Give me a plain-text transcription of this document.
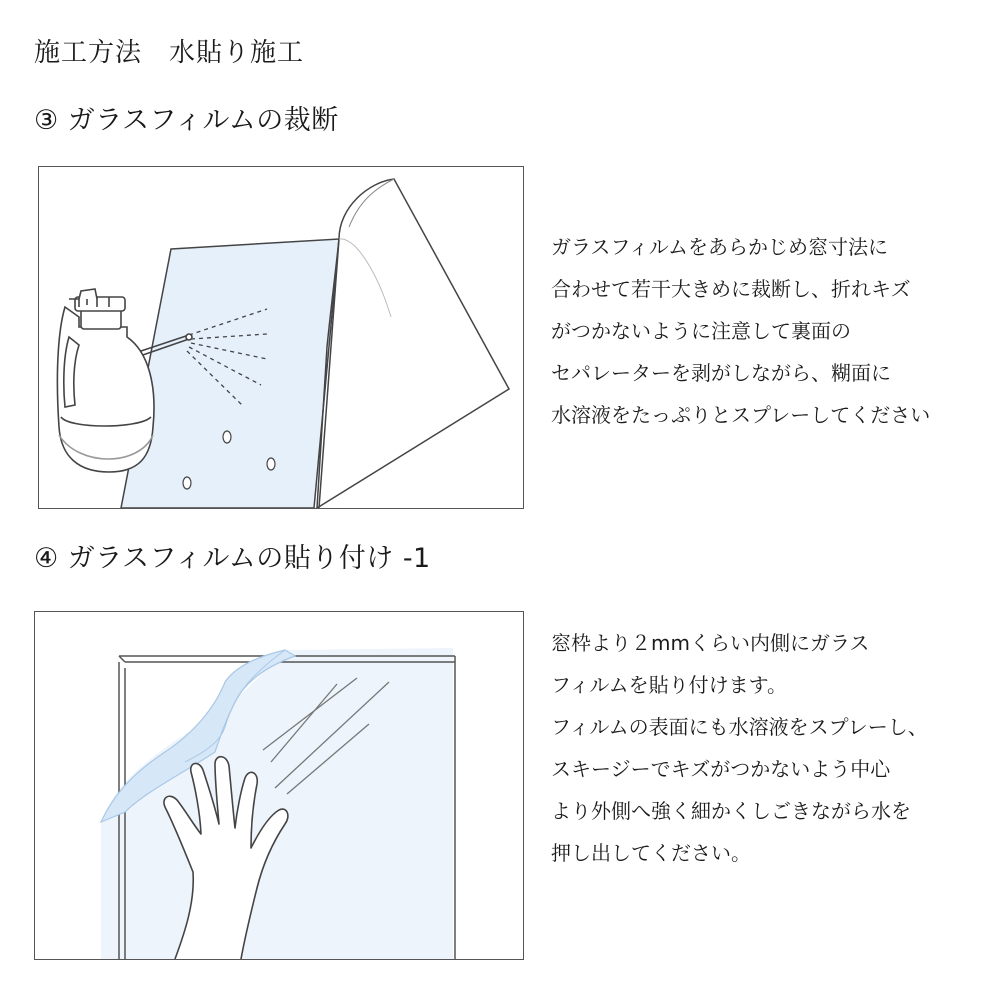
施工方法　水貼り施工
③ ガラスフィルムの裁断
ガラスフィルムをあらかじめ窓寸法に
合わせて若干大きめに裁断し、折れキズ
がつかないように注意して裏面の
セパレーターを剥がしながら、糊面に
水溶液をたっぷりとスプレーしてください
④ ガラスフィルムの貼り付け -1
窓枠より２mmくらい内側にガラス
フィルムを貼り付けます。
フィルムの表面にも水溶液をスプレーし、
スキージーでキズがつかないよう中心
より外側へ強く細かくしごきながら水を
押し出してください。
